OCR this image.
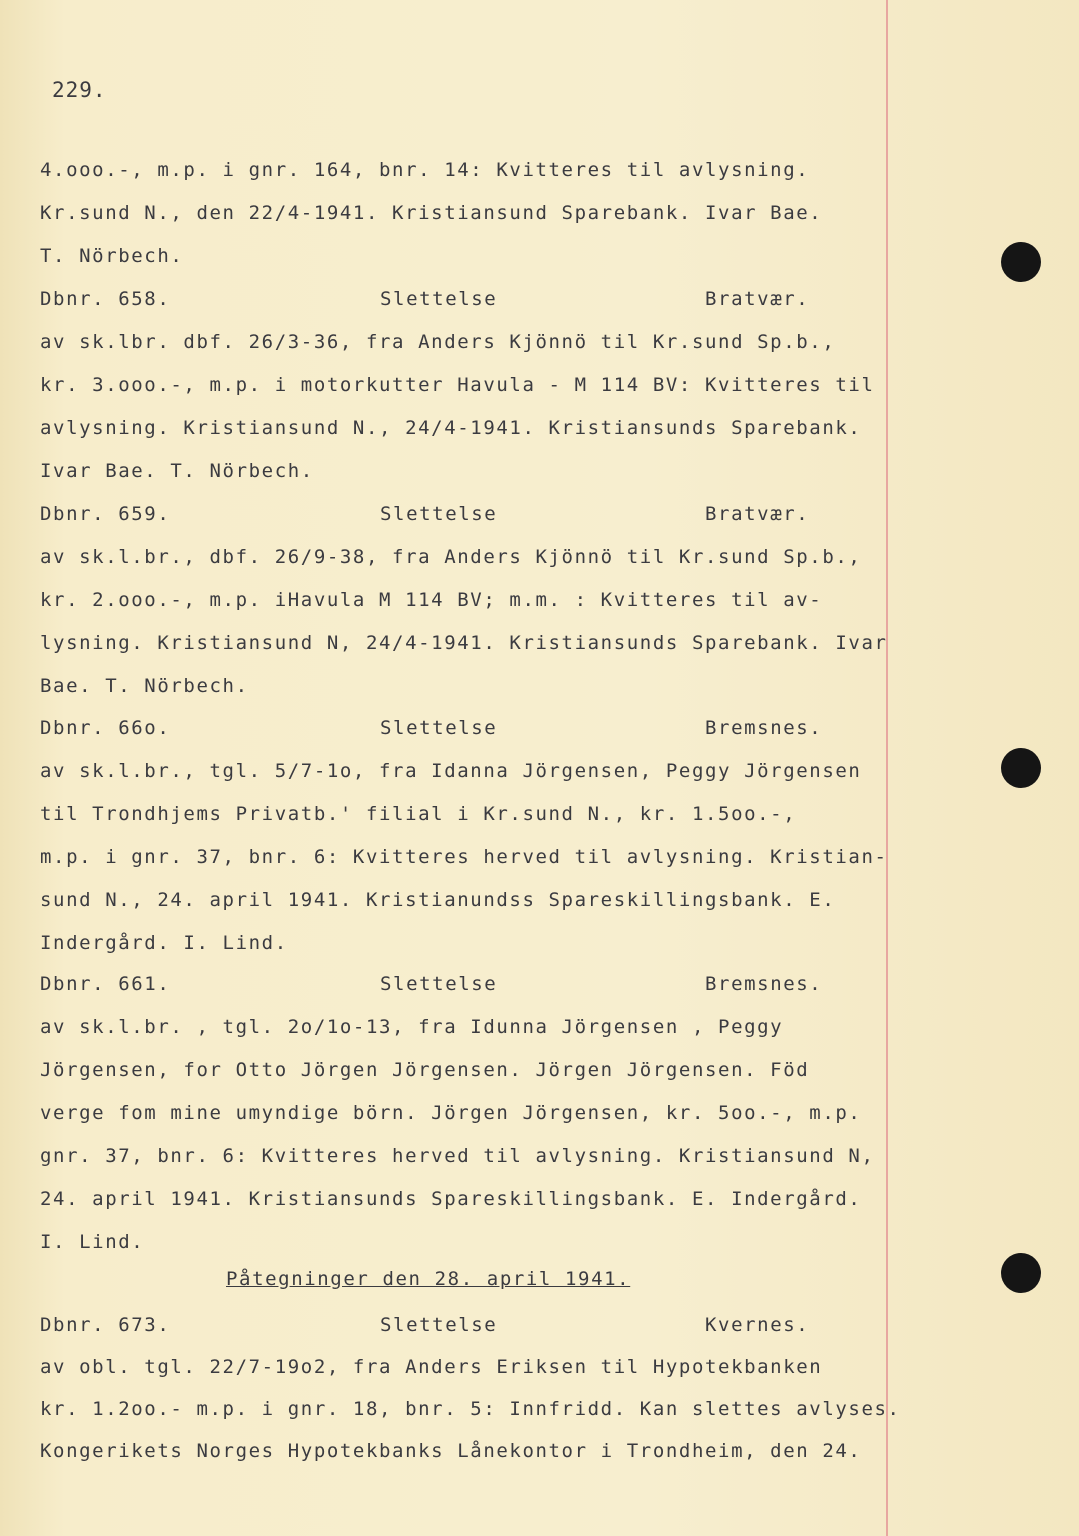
229.
4.ooo.-, m.p. i gnr. 164, bnr. 14: Kvitteres til avlysning.
Kr.sund N., den 22/4-1941. Kristiansund Sparebank. Ivar Bae.
T. Nörbech.
Dbnr. 658.	Slettelse	Bratvær.
av sk.lbr. dbf. 26/3-36, fra Anders Kjönnö til Kr.sund Sp.b.,
kr. 3.ooo.-, m.p. i motorkutter Havula - M 114 BV: Kvitteres til
avlysning. Kristiansund N., 24/4-1941. Kristiansunds Sparebank.
Ivar Bae. T. Nörbech.
Dbnr. 659.	Slettelse	Bratvær.
av sk.l.br., dbf. 26/9-38, fra Anders Kjönnö til Kr.sund Sp.b.,
kr. 2.ooo.-, m.p. iHavula M 114 BV; m.m. : Kvitteres til av-
lysning. Kristiansund N, 24/4-1941. Kristiansunds Sparebank. Ivar
Bae. T. Nörbech.
Dbnr. 66o.	Slettelse	Bremsnes.
av sk.l.br., tgl. 5/7-1o, fra Idanna Jörgensen, Peggy Jörgensen
til Trondhjems Privatb.' filial i Kr.sund N., kr. 1.5oo.-,
m.p. i gnr. 37, bnr. 6: Kvitteres herved til avlysning. Kristian-
sund N., 24. april 1941. Kristianundss Spareskillingsbank. E.
Indergård. I. Lind.
Dbnr. 661.	Slettelse	Bremsnes.
av sk.l.br. , tgl. 2o/1o-13, fra Idunna Jörgensen , Peggy
Jörgensen, for Otto Jörgen Jörgensen. Jörgen Jörgensen. Föd
verge fom mine umyndige börn. Jörgen Jörgensen, kr. 5oo.-, m.p.
gnr. 37, bnr. 6: Kvitteres herved til avlysning. Kristiansund N,
24. april 1941. Kristiansunds Spareskillingsbank. E. Indergård.
I. Lind.
Påtegninger den 28. april 1941.
Dbnr. 673.	Slettelse	Kvernes.
av obl. tgl. 22/7-19o2, fra Anders Eriksen til Hypotekbanken
kr. 1.2oo.- m.p. i gnr. 18, bnr. 5: Innfridd. Kan slettes avlyses.
Kongerikets Norges Hypotekbanks Lånekontor i Trondheim, den 24.
